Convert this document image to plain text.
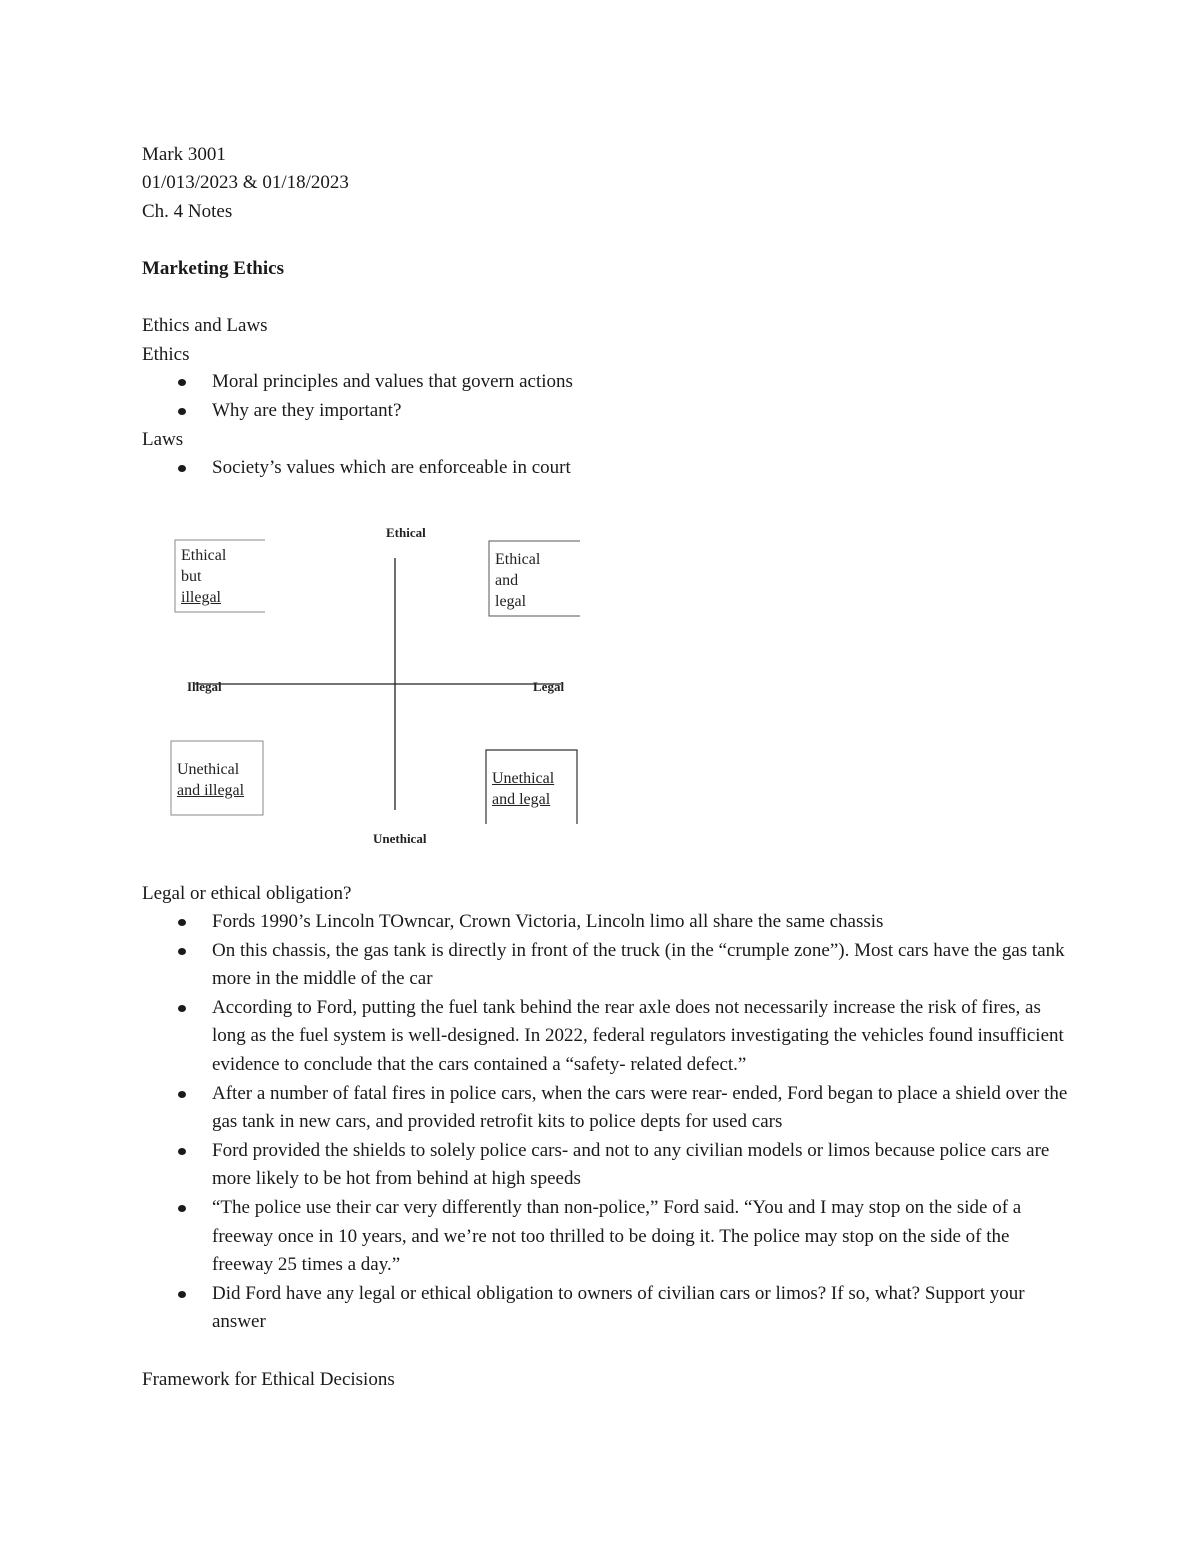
Mark 3001
01/013/2023 & 01/18/2023
Ch. 4 Notes
Marketing Ethics
Ethics and Laws
Ethics
Moral principles and values that govern actions
Why are they important?
Laws
Society’s values which are enforceable in court
Ethical
Unethical
Illegal	Legal
Ethical
but
illegal
Ethical
and
legal
Unethical
and illegal
Unethical
and legal
Legal or ethical obligation?
Fords 1990’s Lincoln TOwncar, Crown Victoria, Lincoln limo all share the same chassis
On this chassis, the gas tank is directly in front of the truck (in the “crumple zone”). Most cars have the gas tank more in the middle of the car
According to Ford, putting the fuel tank behind the rear axle does not necessarily increase the risk of fires, as long as the fuel system is well-designed. In 2022, federal regulators investigating the vehicles found insufficient evidence to conclude that the cars contained a “safety- related defect.”
After a number of fatal fires in police cars, when the cars were rear- ended, Ford began to place a shield over the gas tank in new cars, and provided retrofit kits to police depts for used cars
Ford provided the shields to solely police cars- and not to any civilian models or limos because police cars are more likely to be hot from behind at high speeds
“The police use their car very differently than non-police,” Ford said. “You and I may stop on the side of a freeway once in 10 years, and we’re not too thrilled to be doing it. The police may stop on the side of the freeway 25 times a day.”
Did Ford have any legal or ethical obligation to owners of civilian cars or limos? If so, what? Support your answer
Framework for Ethical Decisions
